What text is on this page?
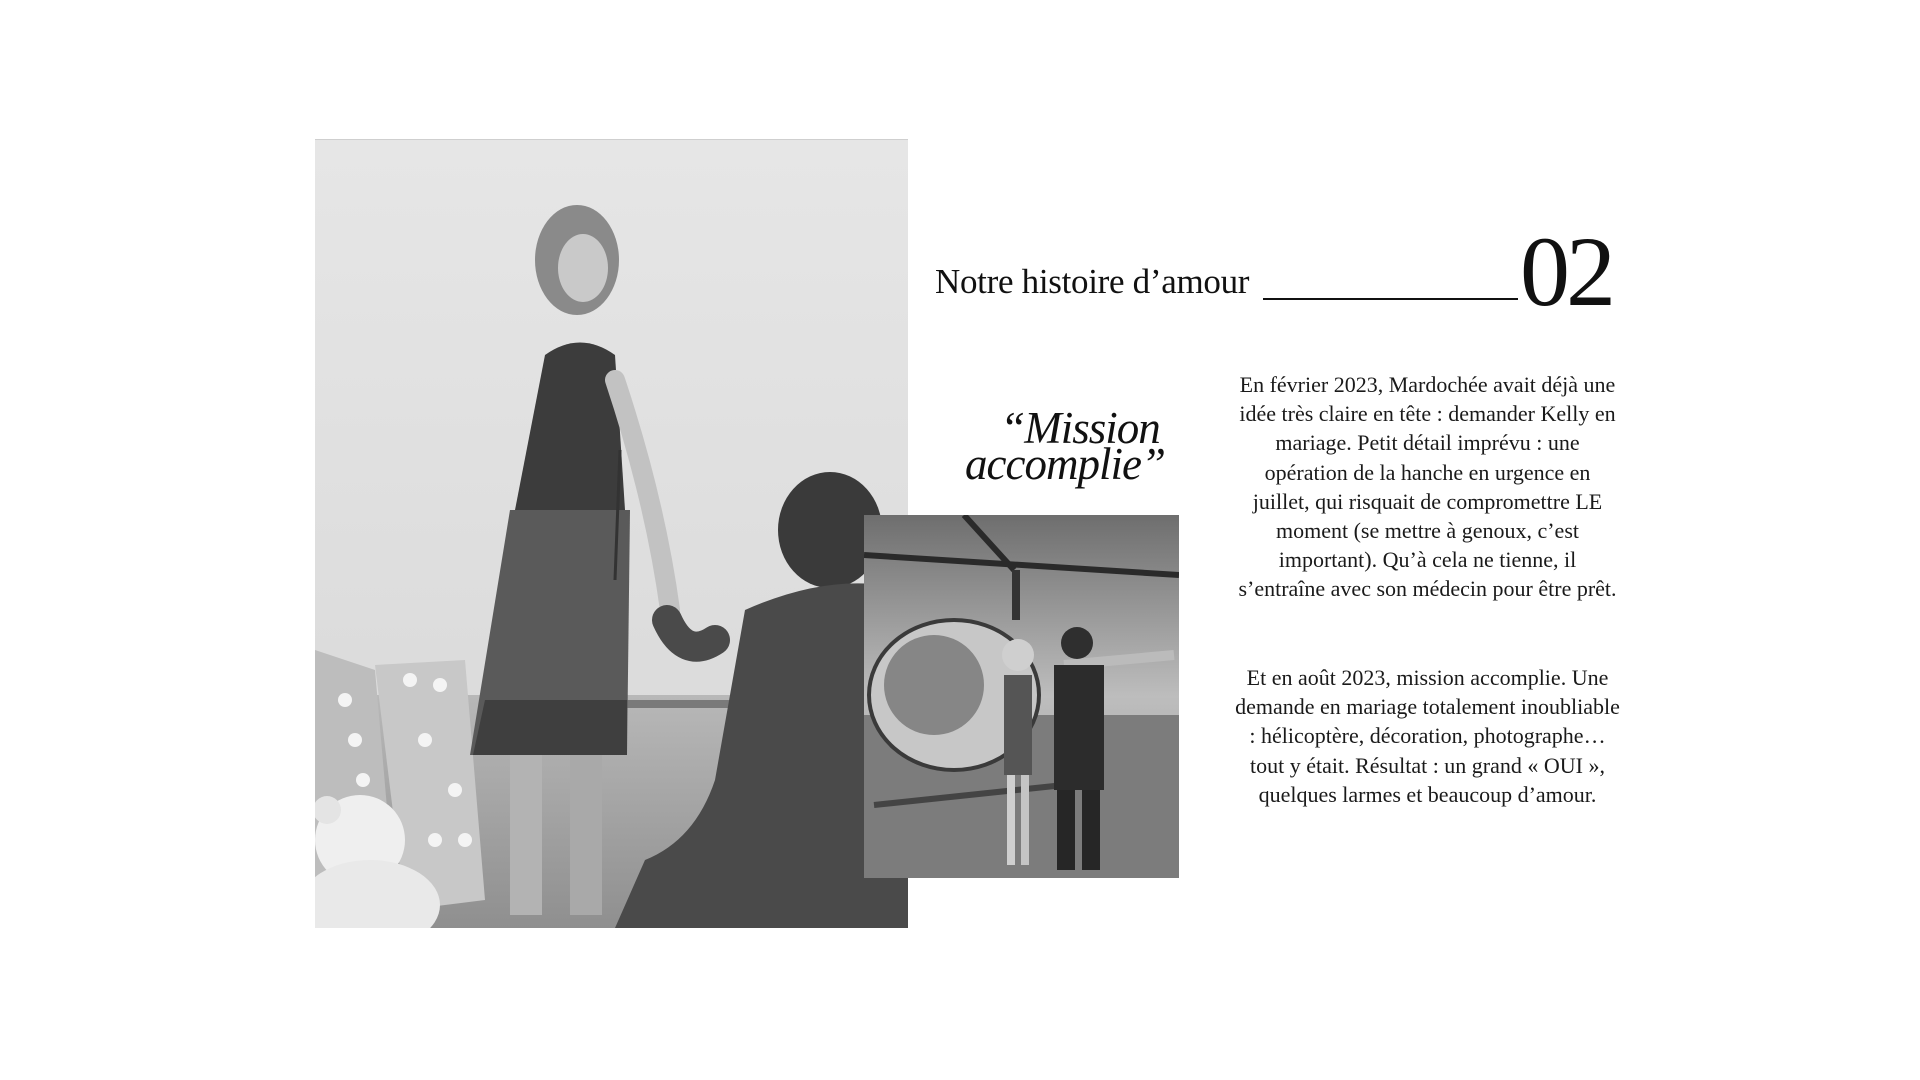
Notre histoire d’amour	02
“Mission
accomplie”
En février 2023, Mardochée avait déjà une idée très claire en tête : demander Kelly en mariage. Petit détail imprévu : une opération de la hanche en urgence en juillet, qui risquait de compromettre LE moment (se mettre à genoux, c’est important). Qu’à cela ne tienne, il s’entraîne avec son médecin pour être prêt.
Et en août 2023, mission accomplie. Une demande en mariage totalement inoubliable : hélicoptère, décoration, photographe… tout y était. Résultat : un grand « OUI », quelques larmes et beaucoup d’amour.
